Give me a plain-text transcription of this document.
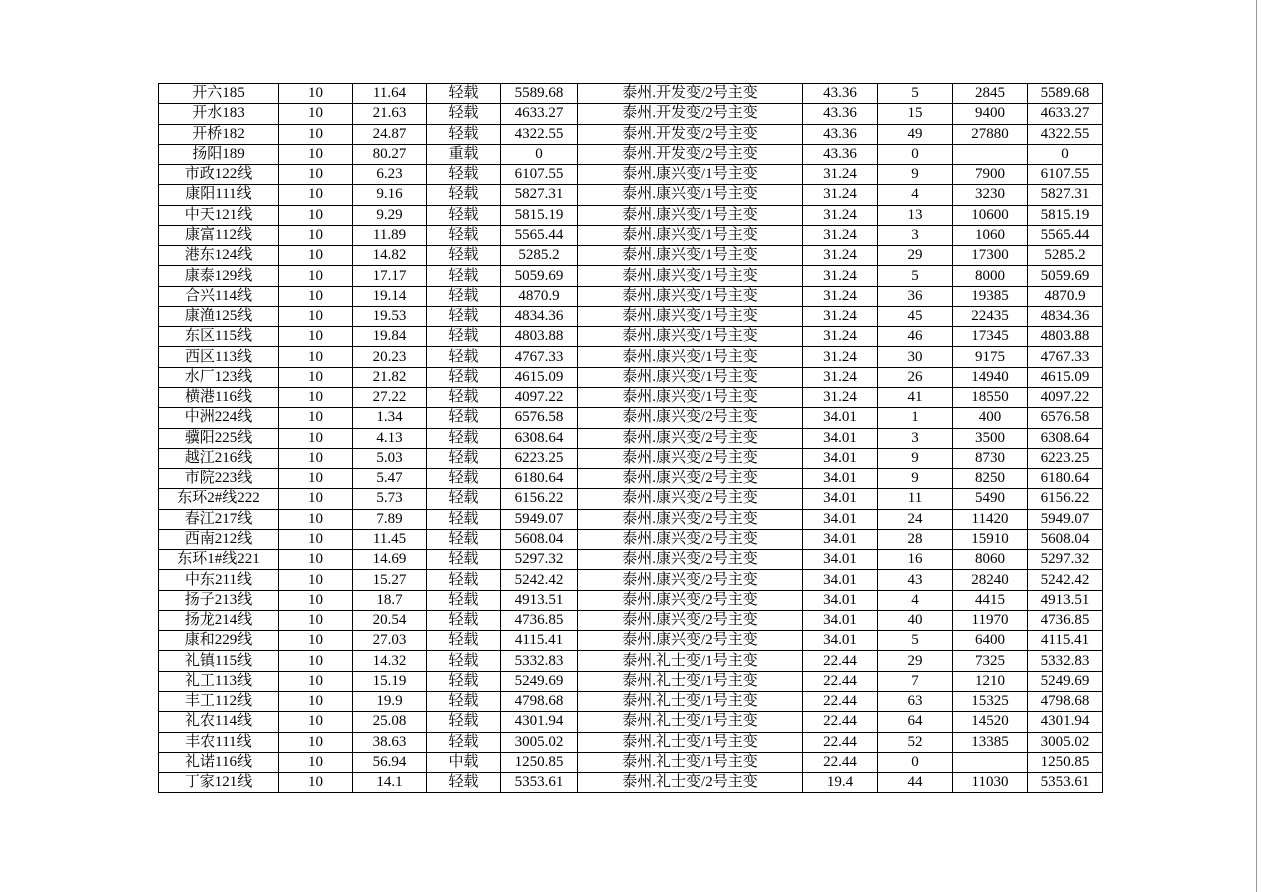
开六185	10	11.64	轻载	5589.68	泰州.开发变/2号主变	43.36	5	2845	5589.68
开水183	10	21.63	轻载	4633.27	泰州.开发变/2号主变	43.36	15	9400	4633.27
开桥182	10	24.87	轻载	4322.55	泰州.开发变/2号主变	43.36	49	27880	4322.55
扬阳189	10	80.27	重载	0	泰州.开发变/2号主变	43.36	0		0
市政122线	10	6.23	轻载	6107.55	泰州.康兴变/1号主变	31.24	9	7900	6107.55
康阳111线	10	9.16	轻载	5827.31	泰州.康兴变/1号主变	31.24	4	3230	5827.31
中天121线	10	9.29	轻载	5815.19	泰州.康兴变/1号主变	31.24	13	10600	5815.19
康富112线	10	11.89	轻载	5565.44	泰州.康兴变/1号主变	31.24	3	1060	5565.44
港东124线	10	14.82	轻载	5285.2	泰州.康兴变/1号主变	31.24	29	17300	5285.2
康泰129线	10	17.17	轻载	5059.69	泰州.康兴变/1号主变	31.24	5	8000	5059.69
合兴114线	10	19.14	轻载	4870.9	泰州.康兴变/1号主变	31.24	36	19385	4870.9
康渔125线	10	19.53	轻载	4834.36	泰州.康兴变/1号主变	31.24	45	22435	4834.36
东区115线	10	19.84	轻载	4803.88	泰州.康兴变/1号主变	31.24	46	17345	4803.88
西区113线	10	20.23	轻载	4767.33	泰州.康兴变/1号主变	31.24	30	9175	4767.33
水厂123线	10	21.82	轻载	4615.09	泰州.康兴变/1号主变	31.24	26	14940	4615.09
横港116线	10	27.22	轻载	4097.22	泰州.康兴变/1号主变	31.24	41	18550	4097.22
中洲224线	10	1.34	轻载	6576.58	泰州.康兴变/2号主变	34.01	1	400	6576.58
骥阳225线	10	4.13	轻载	6308.64	泰州.康兴变/2号主变	34.01	3	3500	6308.64
越江216线	10	5.03	轻载	6223.25	泰州.康兴变/2号主变	34.01	9	8730	6223.25
市院223线	10	5.47	轻载	6180.64	泰州.康兴变/2号主变	34.01	9	8250	6180.64
东环2#线222	10	5.73	轻载	6156.22	泰州.康兴变/2号主变	34.01	11	5490	6156.22
春江217线	10	7.89	轻载	5949.07	泰州.康兴变/2号主变	34.01	24	11420	5949.07
西南212线	10	11.45	轻载	5608.04	泰州.康兴变/2号主变	34.01	28	15910	5608.04
东环1#线221	10	14.69	轻载	5297.32	泰州.康兴变/2号主变	34.01	16	8060	5297.32
中东211线	10	15.27	轻载	5242.42	泰州.康兴变/2号主变	34.01	43	28240	5242.42
扬子213线	10	18.7	轻载	4913.51	泰州.康兴变/2号主变	34.01	4	4415	4913.51
扬龙214线	10	20.54	轻载	4736.85	泰州.康兴变/2号主变	34.01	40	11970	4736.85
康和229线	10	27.03	轻载	4115.41	泰州.康兴变/2号主变	34.01	5	6400	4115.41
礼镇115线	10	14.32	轻载	5332.83	泰州.礼士变/1号主变	22.44	29	7325	5332.83
礼工113线	10	15.19	轻载	5249.69	泰州.礼士变/1号主变	22.44	7	1210	5249.69
丰工112线	10	19.9	轻载	4798.68	泰州.礼士变/1号主变	22.44	63	15325	4798.68
礼农114线	10	25.08	轻载	4301.94	泰州.礼士变/1号主变	22.44	64	14520	4301.94
丰农111线	10	38.63	轻载	3005.02	泰州.礼士变/1号主变	22.44	52	13385	3005.02
礼诺116线	10	56.94	中载	1250.85	泰州.礼士变/1号主变	22.44	0		1250.85
丁家121线	10	14.1	轻载	5353.61	泰州.礼士变/2号主变	19.4	44	11030	5353.61
